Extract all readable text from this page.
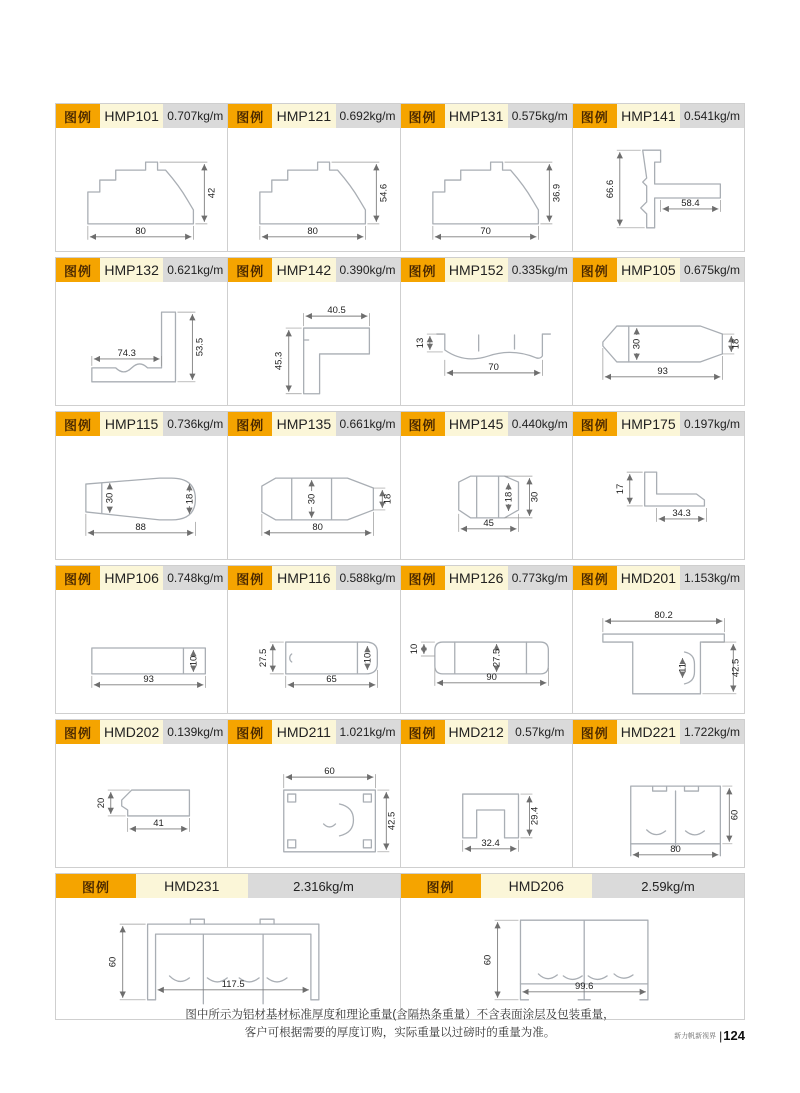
图例 HMP101 0.707kg/m
80
42
图例 HMP121 0.692kg/m
80
54.6
图例 HMP131 0.575kg/m
70
36.9
图例 HMP141 0.541kg/m
66.6
58.4
图例 HMP132 0.621kg/m
74.3	53.5
图例 HMP142 0.390kg/m
40.5
45.3
图例 HMP152 0.335kg/m
13
70
图例 HMP105 0.675kg/m
30
93
18
图例 HMP115 0.736kg/m
30
88
18
图例 HMP135 0.661kg/m
30
80
18
图例 HMP145 0.440kg/m
18 30
45
图例 HMP175 0.197kg/m
17
34.3
图例 HMP106 0.748kg/m
10
93
图例 HMP116 0.588kg/m
27.5
65
10
图例 HMP126 0.773kg/m
10	27.5
90
图例 HMD201 1.153kg/m
80.2
11	42.5
图例 HMD202 0.139kg/m
20
41
图例 HMD211 1.021kg/m
60
42.5
图例 HMD212 0.57kg/m
29.4
32.4
图例 HMD221 1.722kg/m
60
80
图例	HMD231	2.316kg/m
60
117.5
图例	HMD206	2.59kg/m
60
99.6
图中所示为铝材基材标准厚度和理论重量(含隔热条重量）不含表面涂层及包装重量，
客户可根据需要的厚度订购，实际重量以过磅时的重量为准。	新力帆新视界 | 124
